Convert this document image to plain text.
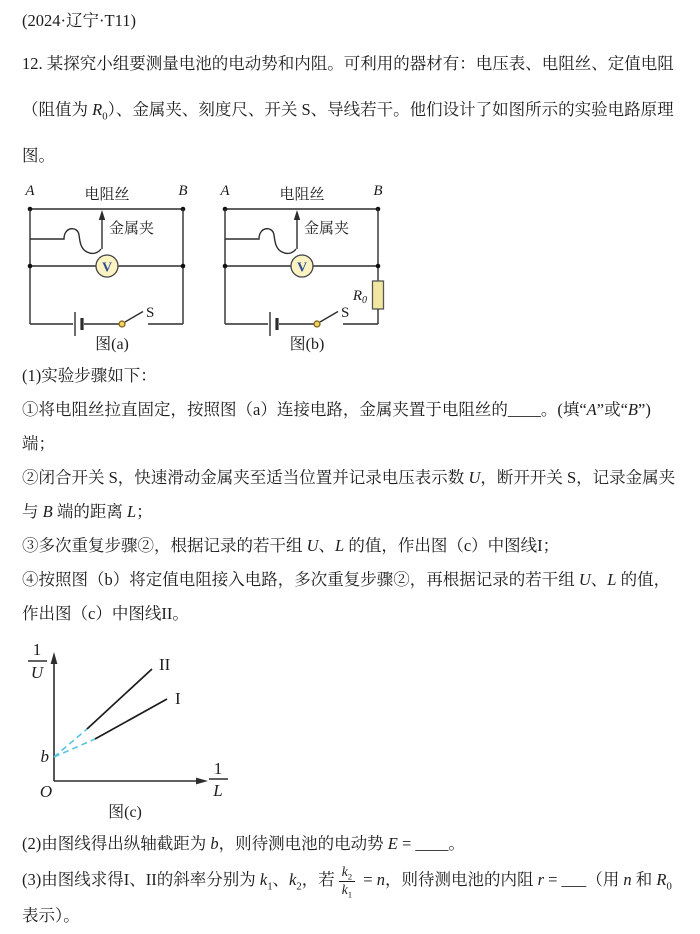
(2024·辽宁·T11)
12. 某探究小组要测量电池的电动势和内阻。可利用的器材有：电压表、电阻丝、定值电阻（阻值为 $R_0$）、金属夹、刻度尺、开关 S、导线若干。他们设计了如图所示的实验电路原理图。
A	B
电阻丝
金属夹
V
S
图(a)
A	B
电阻丝
金属夹
V
$R_0$
S
图(b)
(1)实验步骤如下：
①将电阻丝拉直固定，按照图（a）连接电路，金属夹置于电阻丝的____。(填“A”或“B”) 端；
②闭合开关 S，快速滑动金属夹至适当位置并记录电压表示数 U，断开开关 S，记录金属夹与 B 端的距离 L；
③多次重复步骤②，根据记录的若干组 U、L 的值，作出图（c）中图线I；
④按照图（b）将定值电阻接入电路，多次重复步骤②，再根据记录的若干组 U、L 的值，作出图（c）中图线II。
1
U
1
L
II
I
b
O
图(c)
(2)由图线得出纵轴截距为 b，则待测电池的电动势 E = ____。
(3)由图线求得I、II的斜率分别为 $k_1$、$k_2$，若 $\frac{k_2}{k_1} = n$，则待测电池的内阻 r = ___（用 n 和 $R_0$ 表示）。
